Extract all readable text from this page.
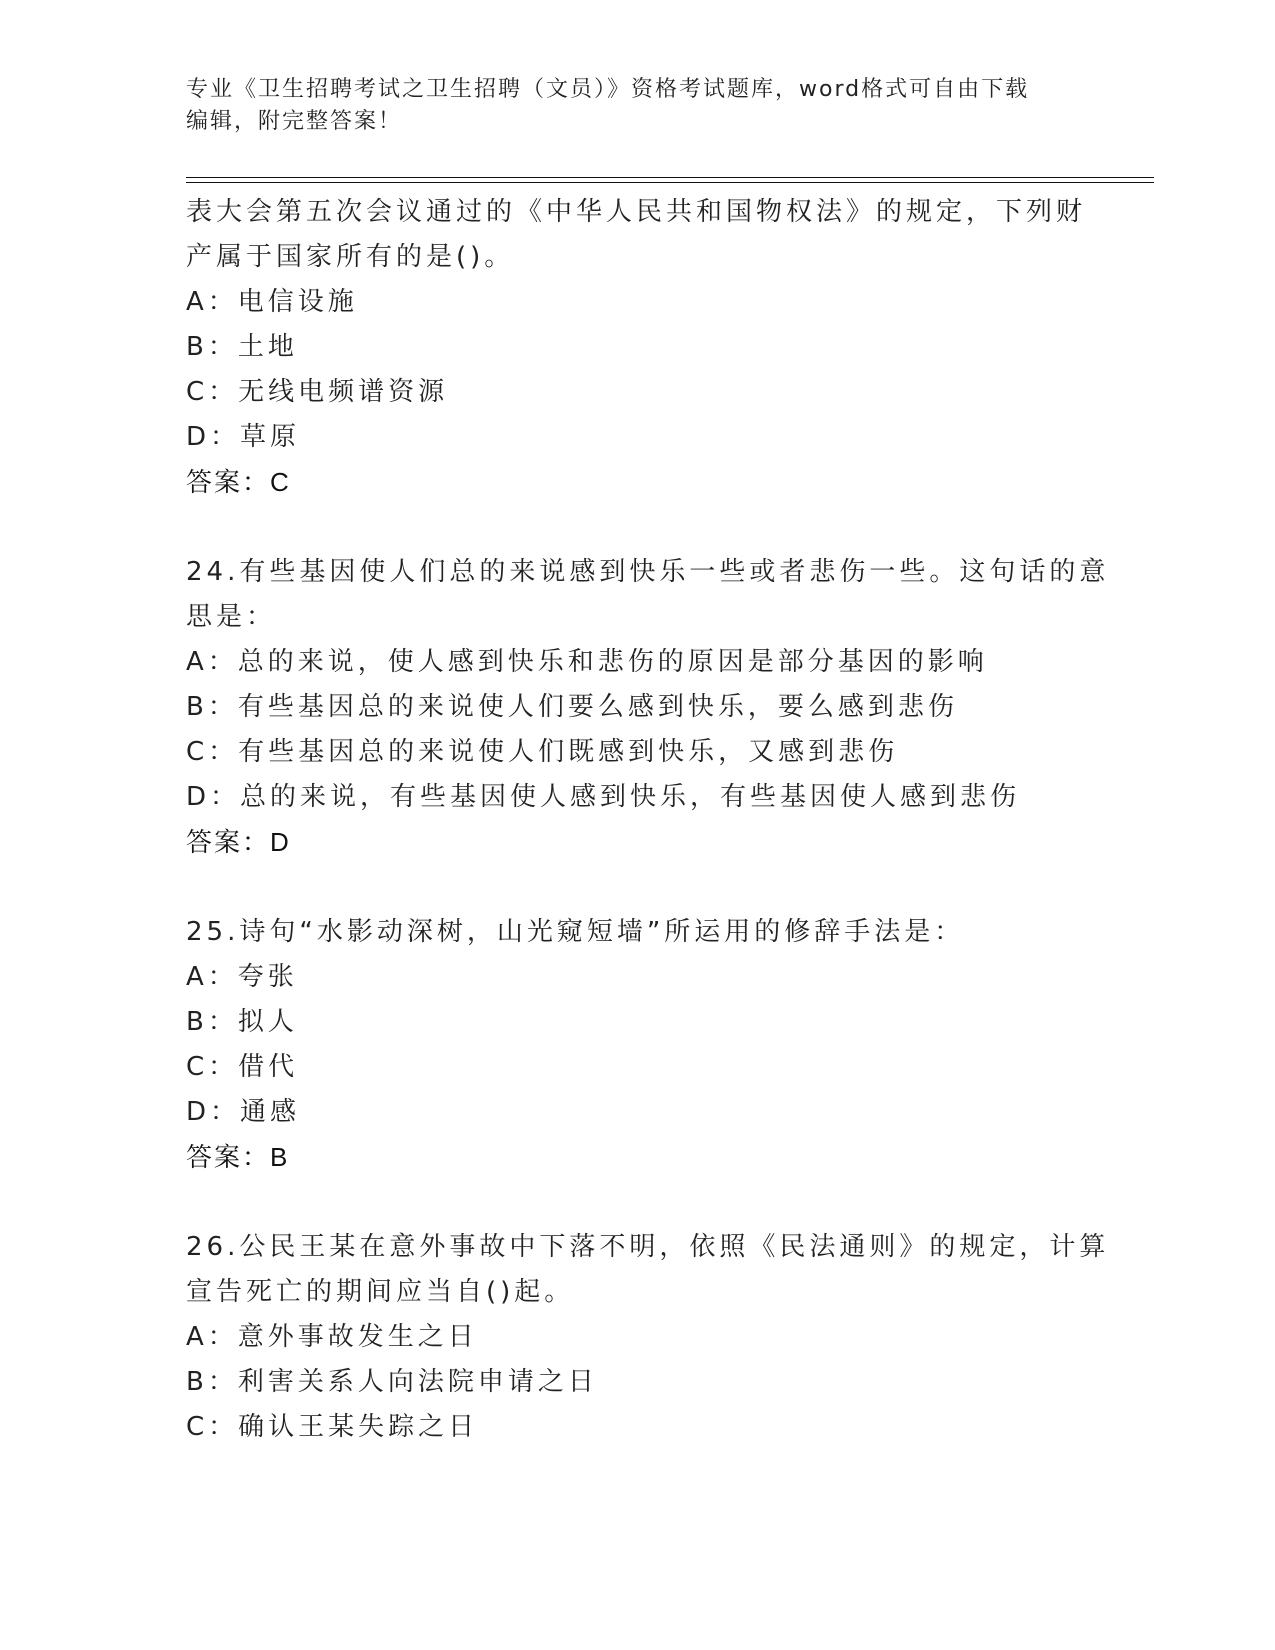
专业《卫生招聘考试之卫生招聘（文员）》资格考试题库，word格式可自由下载
编辑，附完整答案！
表大会第五次会议通过的《中华人民共和国物权法》的规定，下列财
产属于国家所有的是()。
A：电信设施
B：土地
C：无线电频谱资源
D：草原
答案：C
24.有些基因使人们总的来说感到快乐一些或者悲伤一些。这句话的意
思是：
A：总的来说，使人感到快乐和悲伤的原因是部分基因的影响
B：有些基因总的来说使人们要么感到快乐，要么感到悲伤
C：有些基因总的来说使人们既感到快乐，又感到悲伤
D：总的来说，有些基因使人感到快乐，有些基因使人感到悲伤
答案：D
25.诗句“水影动深树，山光窥短墙”所运用的修辞手法是：
A：夸张
B：拟人
C：借代
D：通感
答案：B
26.公民王某在意外事故中下落不明，依照《民法通则》的规定，计算
宣告死亡的期间应当自()起。
A：意外事故发生之日
B：利害关系人向法院申请之日
C：确认王某失踪之日
